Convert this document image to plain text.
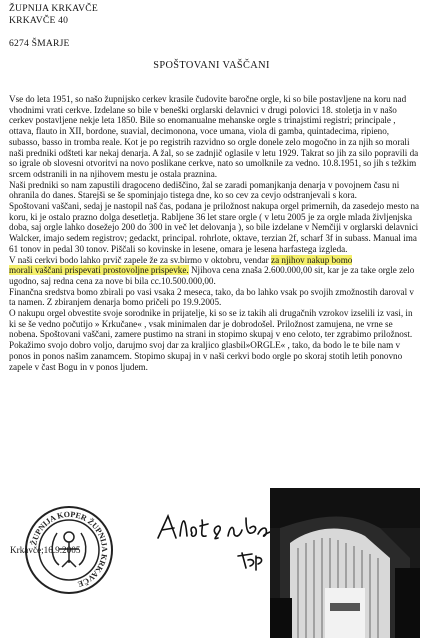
ŽUPNIJA KRKAVČE
KRKAVČE 40
6274 ŠMARJE
SPOŠTOVANI VAŠČANI

Vse do leta 1951, so našo župnijsko cerkev krasile čudovite baročne orgle, ki so bile postavljene na koru nad vhodnimi vrati cerkve. Izdelane so bile v beneški orglarski delavnici v drugi polovici 18. stoletja in v našo cerkev postavljene nekje leta 1850. Bile so enomanualne mehanske orgle s trinajstimi registri; principale , ottava, flauto in XII, bordone, suavial, decimonona, voce umana, viola di gamba, quintadecima, ripieno, subasso, basso in tromba reale. Kot je po registrih razvidno so orgle donele zelo mogočno in za njih so morali naši predniki odšteti kar nekaj denarja. A žal, so se zadnjič oglasile v letu 1929. Takrat so jih za silo popravili da so igrale ob slovesni otvoritvi na novo poslikane cerkve, nato so umolknile za vedno. 10.8.1951, so jih s težkim srcem odstranili in na njihovem mestu je ostala praznina.

Naši predniki so nam zapustili dragoceno dediščino, žal se zaradi pomanjkanja denarja v povojnem času ni ohranila do danes. Starejši se še spominjajo tistega dne, ko so cev za cevjo odstranjevali s kora.

Spoštovani vaščani, sedaj je nastopil naš čas, podana je priložnost nakupa orgel primernih, da zasedejo mesto na koru, ki je ostalo prazno dolga desetletja. Rabljene 36 let stare orgle ( v letu 2005 je za orgle mlada življenjska doba, saj orgle lahko dosežejo 200 do 300 in več let delovanja ), so bile izdelane v Nemčiji v orglarski delavnici Walcker, imajo sedem registrov; gedackt, principal. rohrlote, oktave, terzian 2f, scharf 3f in subass. Manual ima 61 tonov in pedal 30 tonov. Piščali so kovinske in lesene, omara je lesena harfastega izgleda.

V naši cerkvi bodo lahko prvič zapele že za sv.birmo v oktobru, vendar za njihov nakup bomo
morali vaščani prispevati prostovoljne prispevke. Njihova cena znaša 2.600.000,00 sit, kar je za take orgle zelo ugodno, saj redna cena za nove bi bila cc.10.500.000,00.

Finančna sredstva bomo zbirali po vasi vsaka 2 meseca, tako, da bo lahko vsak po svojih zmožnostih daroval v ta namen. Z zbiranjem denarja bomo pričeli po 19.9.2005.

O nakupu orgel obvestite svoje sorodnike in prijatelje, ki so se iz takih ali drugačnih vzrokov izselili iz vasi, in ki se še vedno počutijo » Krkučane« , vsak minimalen dar je dobrodošel. Priložnost zamujena, ne vrne se nobena. Spoštovani vaščani, zamere pustimo na strani in stopimo skupaj v eno celoto, ter zgrabimo priložnost. Pokažimo svojo dobro voljo, darujmo svoj dar za kraljico glasbil»ORGLE« , tako, da bodo le te bile nam v ponos in ponos našim zanamcem. Stopimo skupaj in v naši cerkvi bodo orgle po skoraj stotih letih ponovno zapele v čast Bogu in v ponos ljudem.

ŽUPNIJA KOPER ŽUPNIJA KRKAVČE
Krkavče;16.9.2005
